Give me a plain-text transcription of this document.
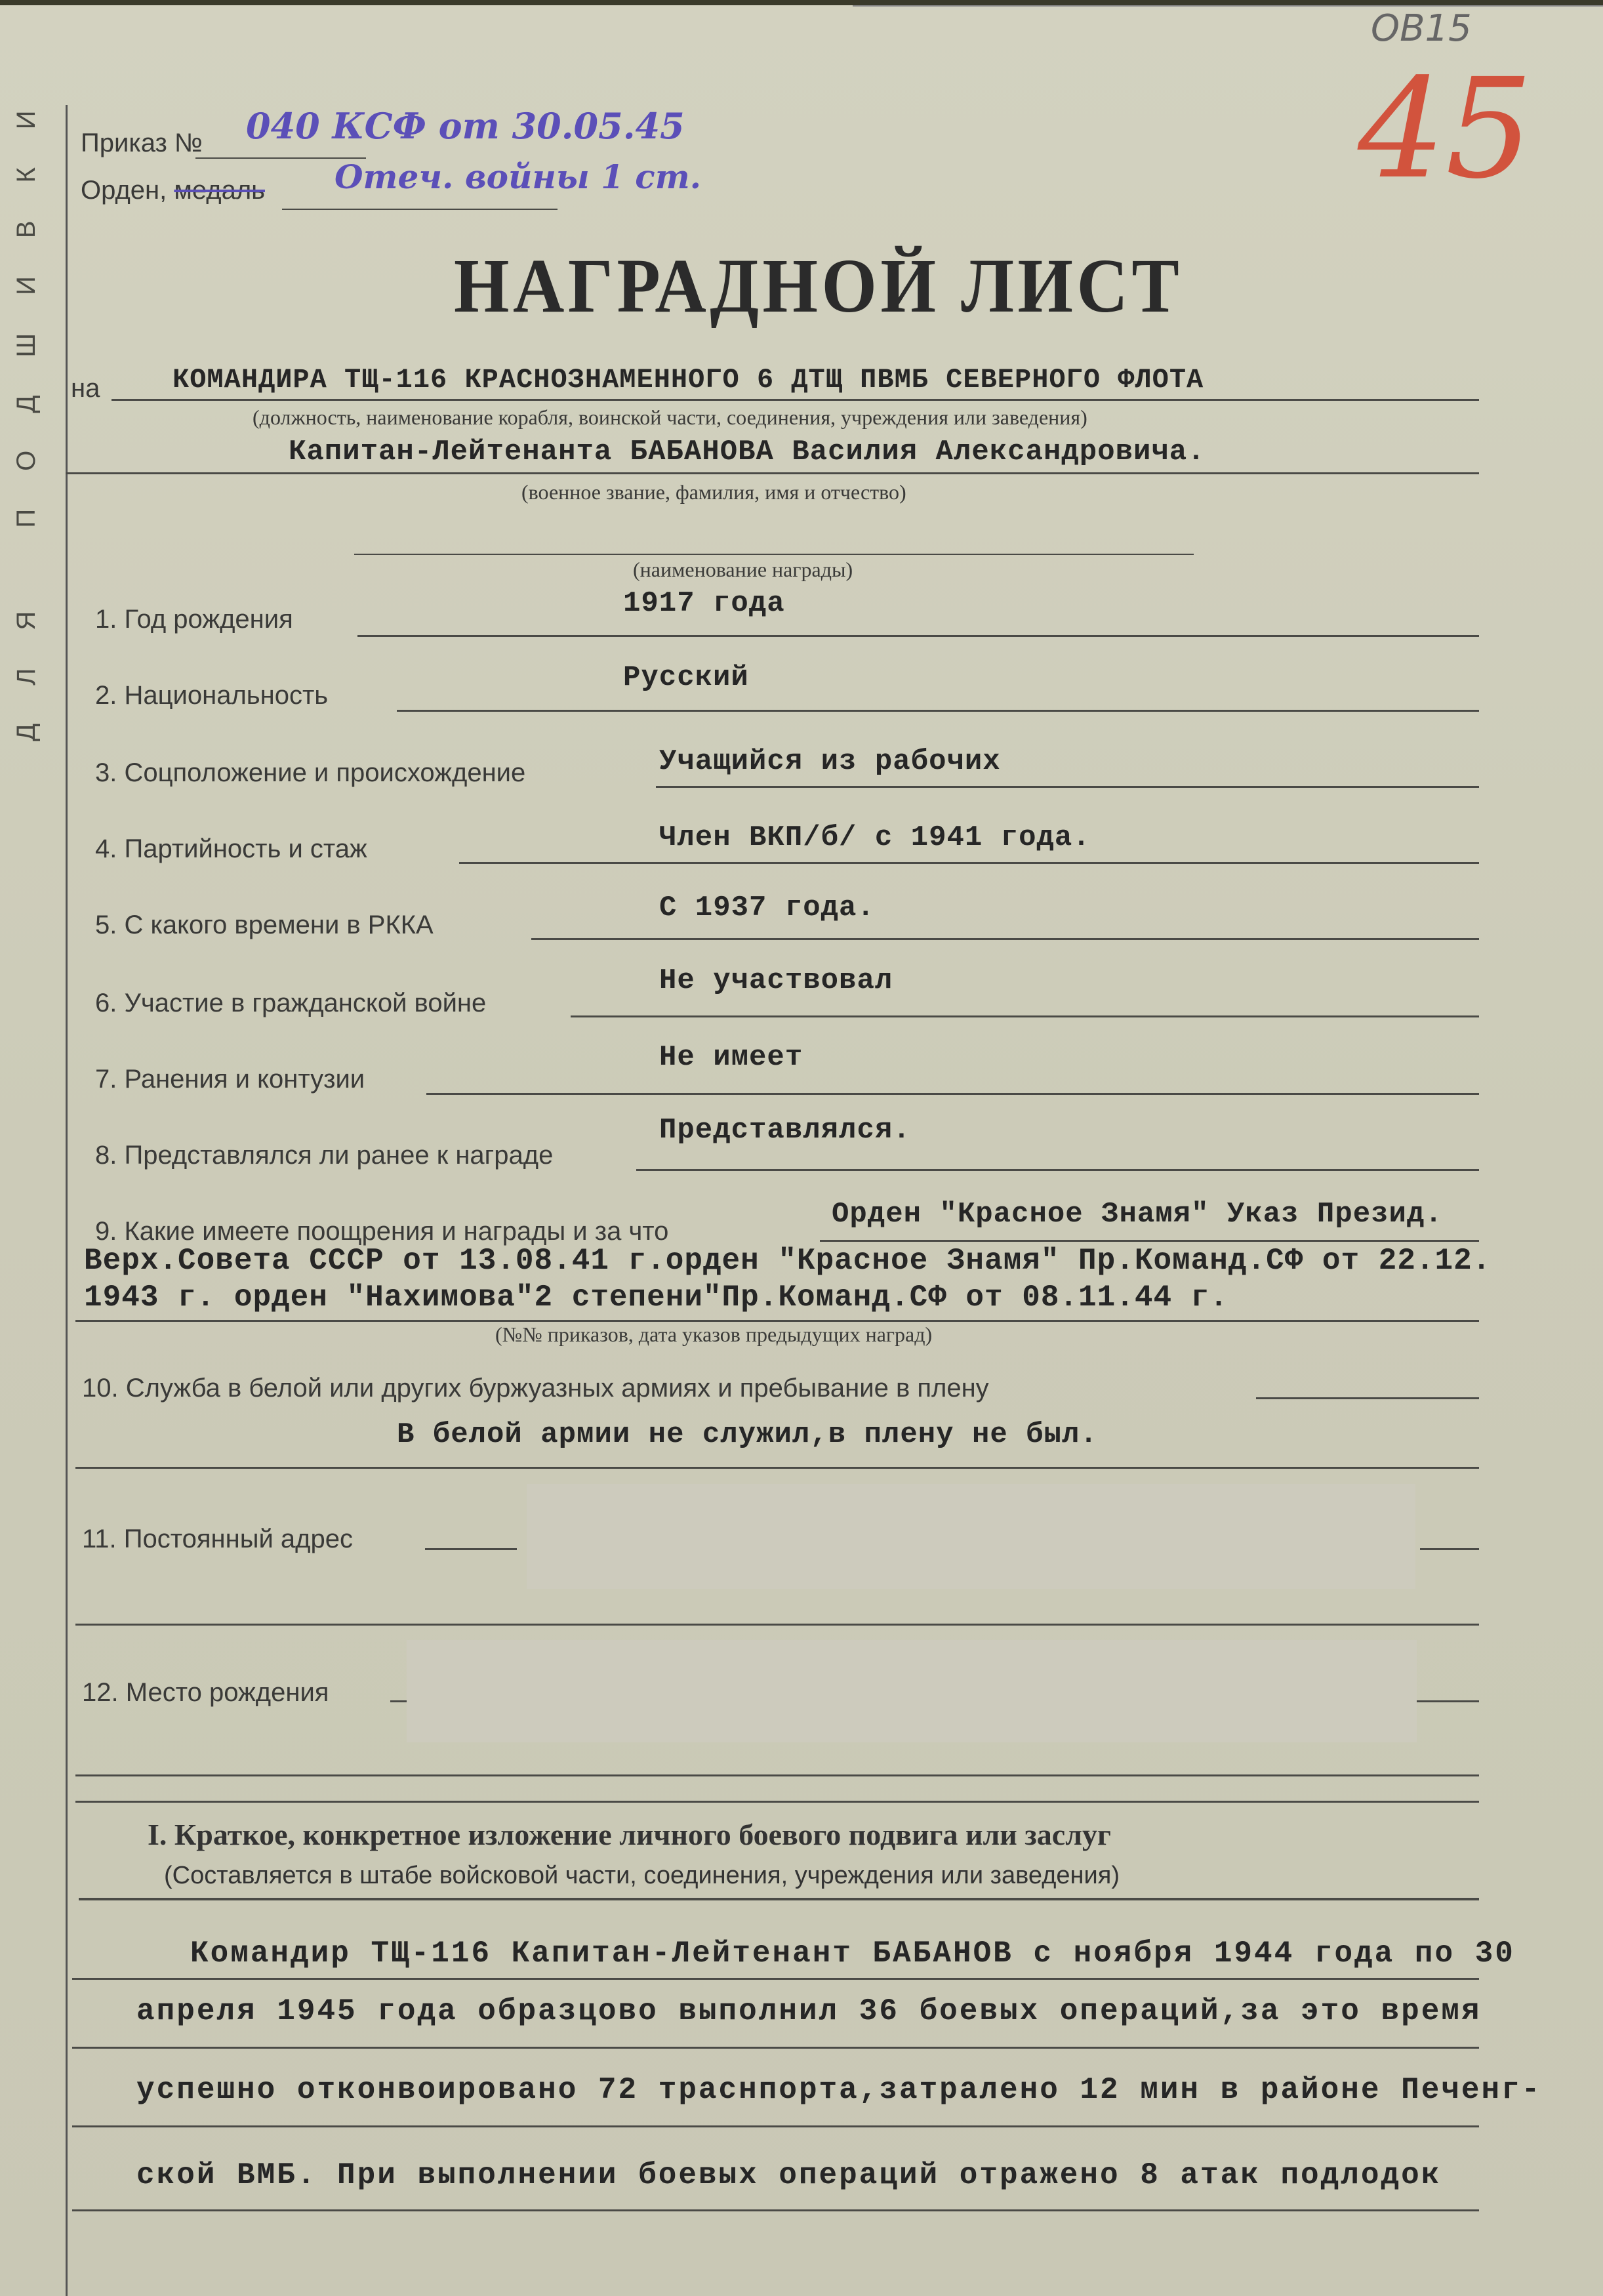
ДЛЯ ПОДШИВКИ
ОВ15
45
Приказ № 040 КСФ от 30.05.45
Орден, медаль Отеч. войны 1 ст.
НАГРАДНОЙ ЛИСТ
на	КОМАНДИРА ТЩ-116 КРАСНОЗНАМЕННОГО 6 ДТЩ ПВМБ СЕВЕРНОГО ФЛОТА
(должность, наименование корабля, воинской части, соединения, учреждения или заведения)
Капитан-Лейтенанта БАБАНОВА Василия Александровича.
(военное звание, фамилия, имя и отчество)
(наименование награды)
1. Год рождения	1917 года
2. Национальность
Русский
3. Соцположение и происхождение	Учащийся из рабочих
4. Партийность и стаж	Член ВКП/б/ с 1941 года.
5. С какого времени в РККА
С 1937 года.
6. Участие в гражданской войне
Не участвовал
7. Ранения и контузии
Не имеет
8. Представлялся ли ранее к награде
Представлялся.
9. Какие имеете поощрения и награды и за что
Орден "Красное Знамя" Указ Презид.
Верх.Совета СССР от 13.08.41 г.орден "Красное Знамя" Пр.Команд.СФ от 22.12.
1943 г. орден "Нахимова"2 степени"Пр.Команд.СФ от 08.11.44 г.
(№№ приказов, дата указов предыдущих наград)
10. Служба в белой или других буржуазных армиях и пребывание в плену
В белой армии не служил,в плену не был.
11. Постоянный адрес
12. Место рождения
I. Краткое, конкретное изложение личного боевого подвига или заслуг
(Составляется в штабе войсковой части, соединения, учреждения или заведения)
Командир ТЩ-116 Капитан-Лейтенант БАБАНОВ с ноября 1944 года по 30
апреля 1945 года образцово выполнил 36 боевых операций,за это время
успешно отконвоировано 72 траснпорта,затралено 12 мин в районе Печенг-
ской ВМБ. При выполнении боевых операций отражено 8 атак подлодок
